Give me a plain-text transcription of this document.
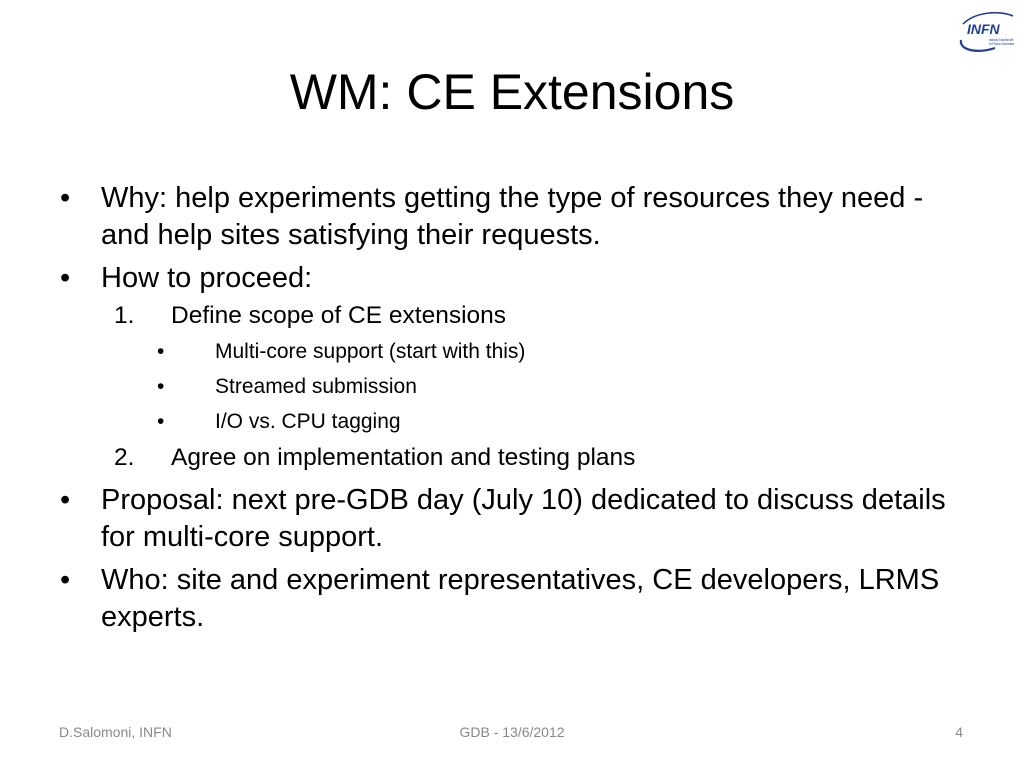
INFN
Istituto Nazionale
di Fisica Nucleare
WM: CE Extensions
• Why: help experiments getting the type of resources they need - and help sites satisfying their requests.
• How to proceed:
1. Define scope of CE extensions
• Multi-core support (start with this)
• Streamed submission
• I/O vs. CPU tagging
2. Agree on implementation and testing plans
• Proposal: next pre-GDB day (July 10) dedicated to discuss details for multi-core support.
• Who: site and experiment representatives, CE developers, LRMS experts.
D.Salomoni, INFN	GDB - 13/6/2012	4
